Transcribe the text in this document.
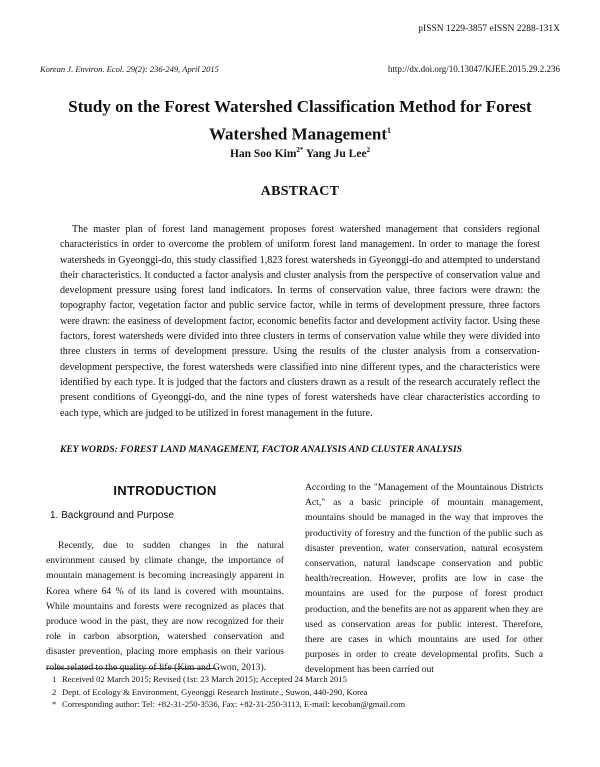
pISSN 1229-3857 eISSN 2288-131X
Korean J. Environ. Ecol. 29(2): 236-249, April 2015	http://dx.doi.org/10.13047/KJEE.2015.29.2.236
Study on the Forest Watershed Classification Method for Forest
Watershed Management$^1$
Han Soo Kim$^{2*}$ Yang Ju Lee$^2$
ABSTRACT

The master plan of forest land management proposes forest watershed management that considers regional characteristics in order to overcome the problem of uniform forest land management. In order to manage the forest watersheds in Gyeonggi-do, this study classified 1,823 forest watersheds in Gyeonggi-do and attempted to understand their characteristics. It conducted a factor analysis and cluster analysis from the perspective of conservation value and development pressure using forest land indicators. In terms of conservation value, three factors were drawn: the topography factor, vegetation factor and public service factor, while in terms of development pressure, three factors were drawn: the easiness of development factor, economic benefits factor and development activity factor. Using these factors, forest watersheds were divided into three clusters in terms of conservation value while they were divided into three clusters in terms of development pressure. Using the results of the cluster analysis from a conservation-development perspective, the forest watersheds were classified into nine different types, and the characteristics were identified by each type. It is judged that the factors and clusters drawn as a result of the research accurately reflect the present conditions of Gyeonggi-do, and the nine types of forest watersheds have clear characteristics according to each type, which are judged to be utilized in forest management in the future.

KEY WORDS: FOREST LAND MANAGEMENT, FACTOR ANALYSIS AND CLUSTER ANALYSIS
INTRODUCTION
1. Background and Purpose

Recently, due to sudden changes in the natural environment caused by climate change, the importance of mountain management is becoming increasingly apparent in Korea where 64 % of its land is covered with mountains. While mountains and forests were recognized as places that produce wood in the past, they are now recognized for their role in carbon absorption, watershed conservation and disaster prevention, placing more emphasis on their various roles related to the quality of life (Kim and Gwon, 2013).

According to the "Management of the Mountainous Districts Act," as a basic principle of mountain management, mountains should be managed in the way that improves the productivity of forestry and the function of the public such as disaster prevention, water conservation, natural ecosystem conservation, natural landscape conservation and public health/recreation. However, profits are low in case the mountains are used for the purpose of forest product production, and the benefits are not as apparent when they are used as conservation areas for public interest. Therefore, there are cases in which mountains are used for other purposes in order to create developmental profits. Such a development has been carried out

1 Received 02 March 2015; Revised (1st: 23 March 2015); Accepted 24 March 2015
2 Dept. of Ecology & Environment, Gyeonggi Research Institute., Suwon, 440-290, Korea
* Corresponding author: Tel: +82-31-250-3536, Fax: +82-31-250-3113, E-mail: kecoban@gmail.com
